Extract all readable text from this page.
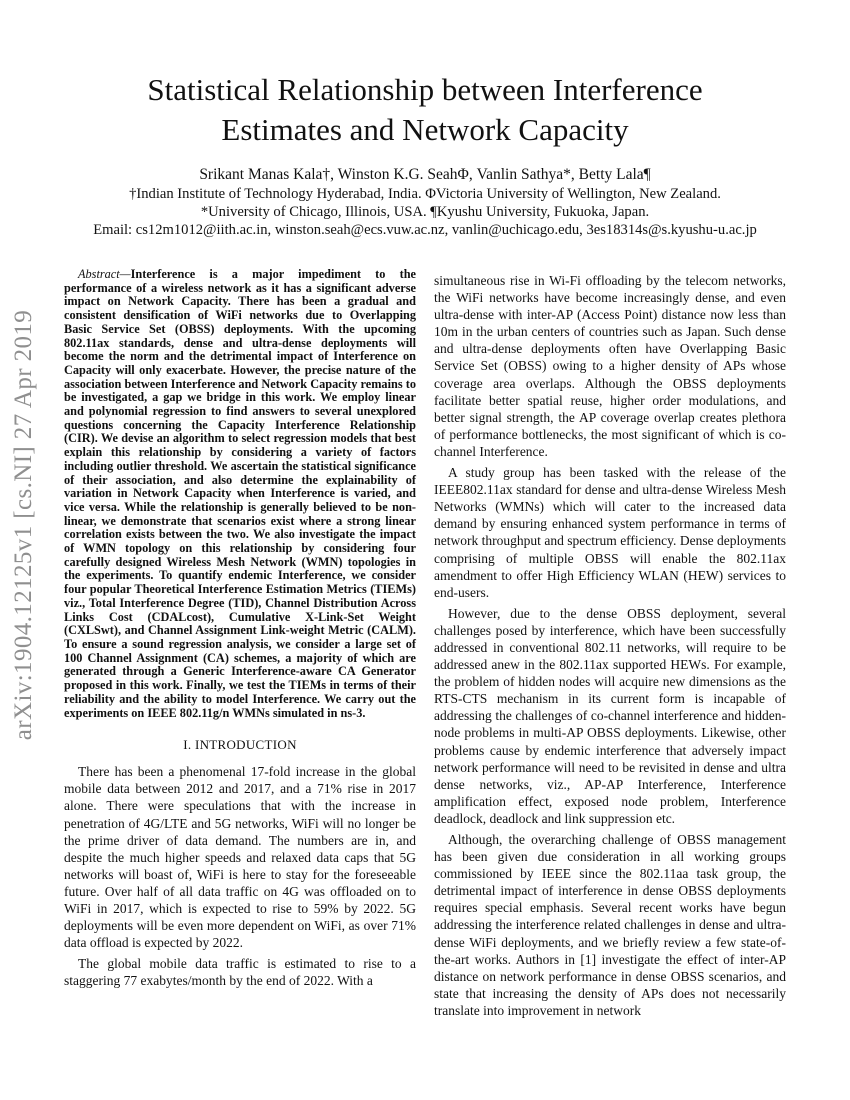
arXiv:1904.12125v1 [cs.NI] 27 Apr 2019
Statistical Relationship between Interference
Estimates and Network Capacity
Srikant Manas Kala†, Winston K.G. SeahΦ, Vanlin Sathya*, Betty Lala¶
†Indian Institute of Technology Hyderabad, India. ΦVictoria University of Wellington, New Zealand.
*University of Chicago, Illinois, USA. ¶Kyushu University, Fukuoka, Japan.
Email: cs12m1012@iith.ac.in, winston.seah@ecs.vuw.ac.nz, vanlin@uchicago.edu, 3es18314s@s.kyushu-u.ac.jp

Abstract—Interference is a major impediment to the performance of a wireless network as it has a significant adverse impact on Network Capacity. There has been a gradual and consistent densification of WiFi networks due to Overlapping Basic Service Set (OBSS) deployments. With the upcoming 802.11ax standards, dense and ultra-dense deployments will become the norm and the detrimental impact of Interference on Capacity will only exacerbate. However, the precise nature of the association between Interference and Network Capacity remains to be investigated, a gap we bridge in this work. We employ linear and polynomial regression to find answers to several unexplored questions concerning the Capacity Interference Relationship (CIR). We devise an algorithm to select regression models that best explain this relationship by considering a variety of factors including outlier threshold. We ascertain the statistical significance of their association, and also determine the explainability of variation in Network Capacity when Interference is varied, and vice versa. While the relationship is generally believed to be non-linear, we demonstrate that scenarios exist where a strong linear correlation exists between the two. We also investigate the impact of WMN topology on this relationship by considering four carefully designed Wireless Mesh Network (WMN) topologies in the experiments. To quantify endemic Interference, we consider four popular Theoretical Interference Estimation Metrics (TIEMs) viz., Total Interference Degree (TID), Channel Distribution Across Links Cost (CDALcost), Cumulative X-Link-Set Weight (CXLSwt), and Channel Assignment Link-weight Metric (CALM). To ensure a sound regression analysis, we consider a large set of 100 Channel Assignment (CA) schemes, a majority of which are generated through a Generic Interference-aware CA Generator proposed in this work. Finally, we test the TIEMs in terms of their reliability and the ability to model Interference. We carry out the experiments on IEEE 802.11g/n WMNs simulated in ns-3.

I. INTRODUCTION

There has been a phenomenal 17-fold increase in the global mobile data between 2012 and 2017, and a 71% rise in 2017 alone. There were speculations that with the increase in penetration of 4G/LTE and 5G networks, WiFi will no longer be the prime driver of data demand. The numbers are in, and despite the much higher speeds and relaxed data caps that 5G networks will boast of, WiFi is here to stay for the foreseeable future. Over half of all data traffic on 4G was offloaded on to WiFi in 2017, which is expected to rise to 59% by 2022. 5G deployments will be even more dependent on WiFi, as over 71% data offload is expected by 2022.

The global mobile data traffic is estimated to rise to a staggering 77 exabytes/month by the end of 2022. With a

simultaneous rise in Wi-Fi offloading by the telecom networks, the WiFi networks have become increasingly dense, and even ultra-dense with inter-AP (Access Point) distance now less than 10m in the urban centers of countries such as Japan. Such dense and ultra-dense deployments often have Overlapping Basic Service Set (OBSS) owing to a higher density of APs whose coverage area overlaps. Although the OBSS deployments facilitate better spatial reuse, higher order modulations, and better signal strength, the AP coverage overlap creates plethora of performance bottlenecks, the most significant of which is co-channel Interference.

A study group has been tasked with the release of the IEEE802.11ax standard for dense and ultra-dense Wireless Mesh Networks (WMNs) which will cater to the increased data demand by ensuring enhanced system performance in terms of network throughput and spectrum efficiency. Dense deployments comprising of multiple OBSS will enable the 802.11ax amendment to offer High Efficiency WLAN (HEW) services to end-users.

However, due to the dense OBSS deployment, several challenges posed by interference, which have been successfully addressed in conventional 802.11 networks, will require to be addressed anew in the 802.11ax supported HEWs. For example, the problem of hidden nodes will acquire new dimensions as the RTS-CTS mechanism in its current form is incapable of addressing the challenges of co-channel interference and hidden-node problems in multi-AP OBSS deployments. Likewise, other problems cause by endemic interference that adversely impact network performance will need to be revisited in dense and ultra dense networks, viz., AP-AP Interference, Interference amplification effect, exposed node problem, Interference deadlock, deadlock and link suppression etc.

Although, the overarching challenge of OBSS management has been given due consideration in all working groups commissioned by IEEE since the 802.11aa task group, the detrimental impact of interference in dense OBSS deployments requires special emphasis. Several recent works have begun addressing the interference related challenges in dense and ultra-dense WiFi deployments, and we briefly review a few state-of-the-art works. Authors in [1] investigate the effect of inter-AP distance on network performance in dense OBSS scenarios, and state that increasing the density of APs does not necessarily translate into improvement in network
